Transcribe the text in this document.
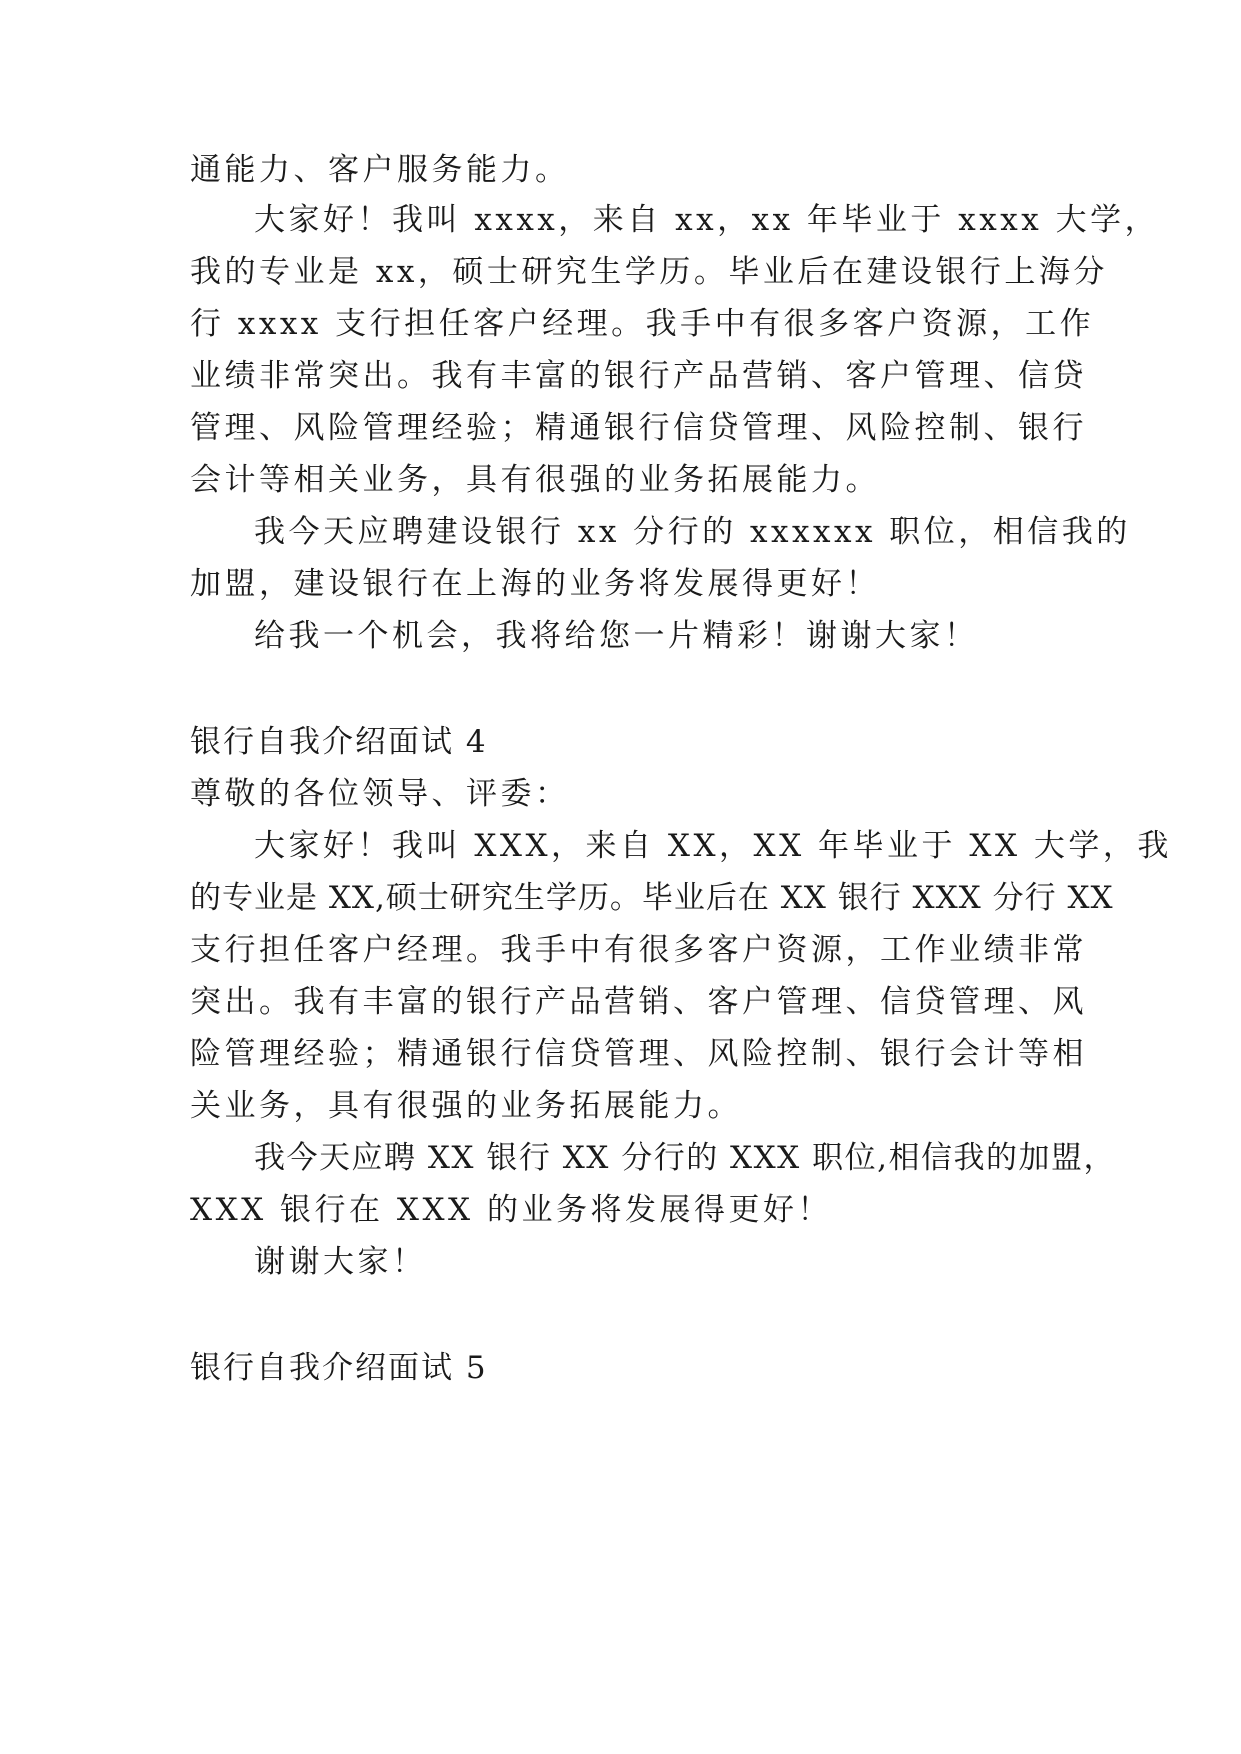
通能力、客户服务能力。

大家好！我叫 xxxx，来自 xx，xx 年毕业于 xxxx 大学，

我的专业是 xx，硕士研究生学历。毕业后在建设银行上海分

行 xxxx 支行担任客户经理。我手中有很多客户资源，工作

业绩非常突出。我有丰富的银行产品营销、客户管理、信贷

管理、风险管理经验；精通银行信贷管理、风险控制、银行

会计等相关业务，具有很强的业务拓展能力。

我今天应聘建设银行 xx 分行的 xxxxxx 职位，相信我的

加盟，建设银行在上海的业务将发展得更好！

给我一个机会，我将给您一片精彩！谢谢大家！

银行自我介绍面试 4

尊敬的各位领导、评委：

大家好！我叫 XXX，来自 XX，XX 年毕业于 XX 大学，我

的专业是 XX,硕士研究生学历。毕业后在 XX 银行 XXX 分行 XX

支行担任客户经理。我手中有很多客户资源，工作业绩非常

突出。我有丰富的银行产品营销、客户管理、信贷管理、风

险管理经验；精通银行信贷管理、风险控制、银行会计等相

关业务，具有很强的业务拓展能力。

我今天应聘 XX 银行 XX 分行的 XXX 职位,相信我的加盟，

XXX 银行在 XXX 的业务将发展得更好！

谢谢大家！

银行自我介绍面试 5
